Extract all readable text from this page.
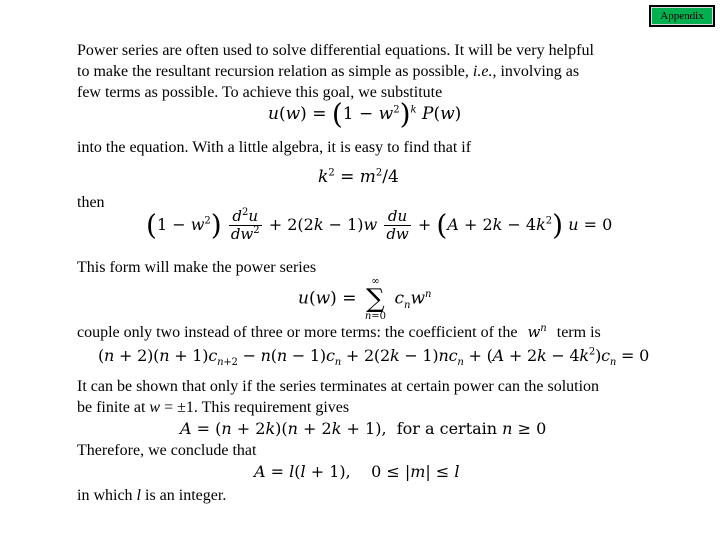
Appendix
Power series are often used to solve differential equations. It will be very helpful
to make the resultant recursion relation as simple as possible, i.e., involving as
few terms as possible. To achieve this goal, we substitute
$u(w) = (1 - w^2)^k$ P(w)
into the equation. With a little algebra, it is easy to find that if
$k^2 = m^2/4$
then
$(1 - w^2) \frac{d^2u}{dw^2} + 2(2k - 1)w \frac{du}{dw} + (A + 2k - 4k^2)$ u = 0
This form will make the power series
u(w) =
∞
∑
n=0
$c_nw^n$
couple only two instead of three or more terms: the coefficient of the $w^n$ term is
$(n + 2)(n + 1)c_{n+2} - n(n - 1)c_n + 2(2k - 1)nc_n + (A + 2k - 4k^2)c_n = 0$
It can be shown that only if the series terminates at certain power can the solution
be finite at w = ±1. This requirement gives
A = (n + 2k)(n + 2k + 1),  for a certain n ≥ 0
Therefore, we conclude that
A = l(l + 1),    0 ≤ |m| ≤ l
in which l is an integer.
